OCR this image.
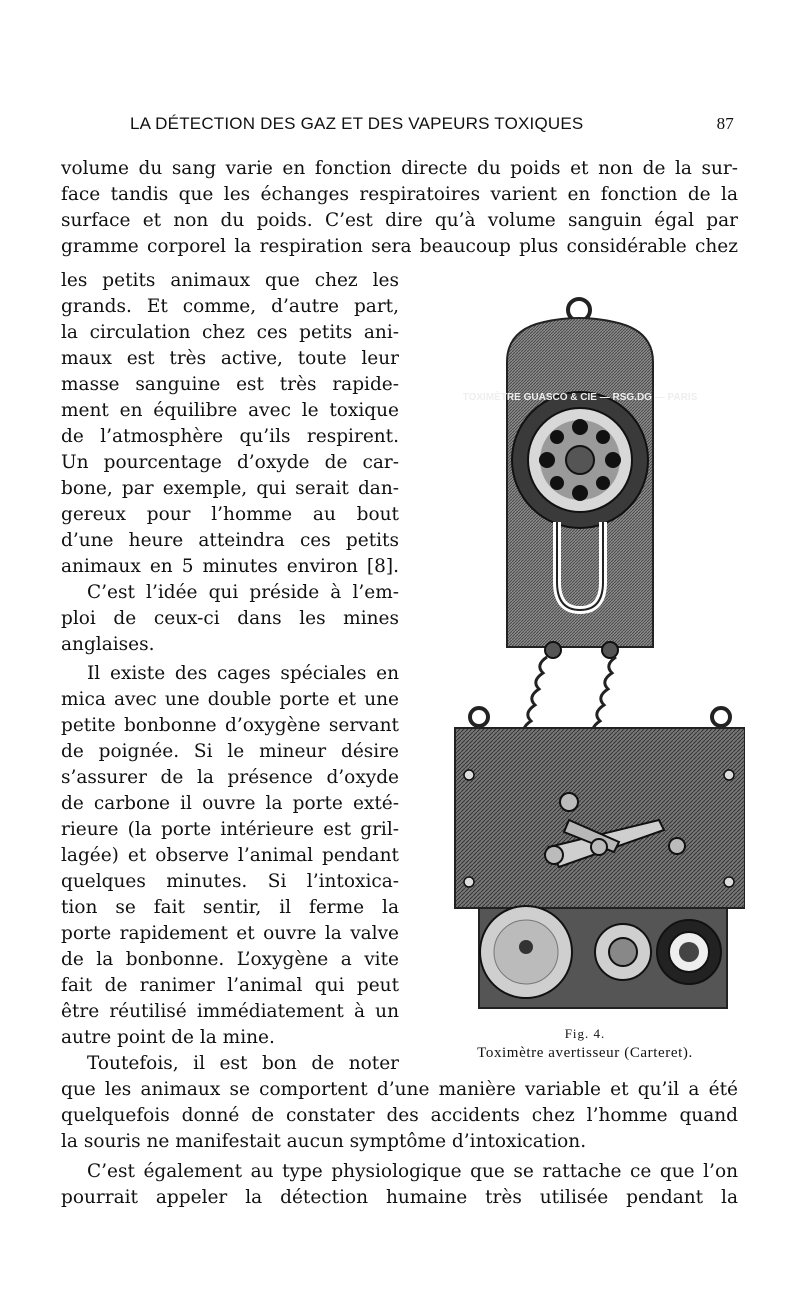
LA DÉTECTION DES GAZ ET DES VAPEURS TOXIQUES	87
volume du sang varie en fonction directe du poids et non de la sur-
face tandis que les échanges respiratoires varient en fonction de la
surface et non du poids. C’est dire qu’à volume sanguin égal par
gramme corporel la respiration sera beaucoup plus considérable chez
les petits animaux que chez les
grands. Et comme, d’autre part,
la circulation chez ces petits ani-
maux est très active, toute leur
masse sanguine est très rapide-
ment en équilibre avec le toxique
de l’atmosphère qu’ils respirent.
Un pourcentage d’oxyde de car-
bone, par exemple, qui serait dan-
gereux pour l’homme au bout
d’une heure atteindra ces petits
animaux en 5 minutes environ [8].
C’est l’idée qui préside à l’em-
ploi de ceux-ci dans les mines
anglaises.
Il existe des cages spéciales en
mica avec une double porte et une
petite bonbonne d’oxygène servant
de poignée. Si le mineur désire
s’assurer de la présence d’oxyde
de carbone il ouvre la porte exté-
rieure (la porte intérieure est gril-
lagée) et observe l’animal pendant
quelques minutes. Si l’intoxica-
tion se fait sentir, il ferme la
porte rapidement et ouvre la valve
de la bonbonne. L’oxygène a vite
fait de ranimer l’animal qui peut
être réutilisé immédiatement à un
autre point de la mine.
Toutefois, il est bon de noter
que les animaux se comportent d’une manière variable et qu’il a été
quelquefois donné de constater des accidents chez l’homme quand
la souris ne manifestait aucun symptôme d’intoxication.
C’est également au type physiologique que se rattache ce que l’on
pourrait appeler la détection humaine très utilisée pendant la
TOXIMÈTRE GUASCO & CIE — RSG.DG — PARIS
Fig. 4.
Toximètre avertisseur (Carteret).
